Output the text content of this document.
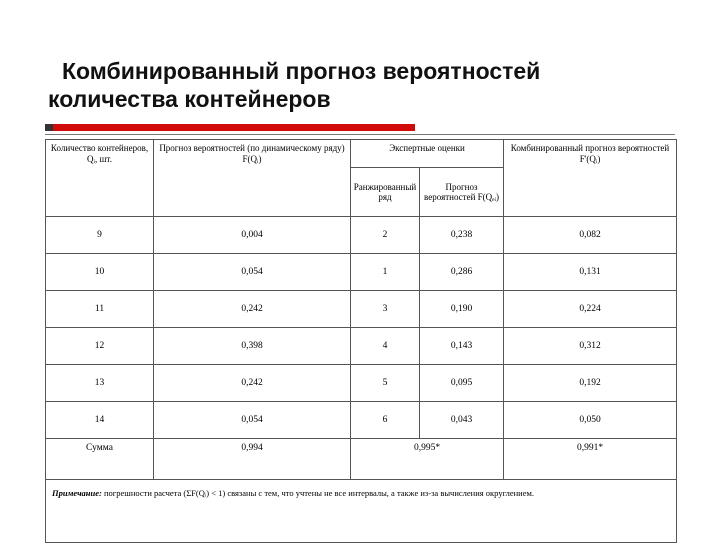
Комбинированный прогноз вероятностей
количества контейнеров
Количество контейнеров, Qᵢ, шт.	Прогноз вероятностей (по динамическому ряду) F(Qᵢ)	Экспертные оценки		Комбинированный прогноз вероятностей F'(Qᵢ)
		Ранжированный ряд	Прогноз вероятностей F(Qₑᵢ)	
9	0,004	2	0,238	0,082
10	0,054	1	0,286	0,131
11	0,242	3	0,190	0,224
12	0,398	4	0,143	0,312
13	0,242	5	0,095	0,192
14	0,054	6	0,043	0,050
Сумма	0,994	0,995*		0,991*
Примечание: погрешности расчета (ΣF(Qᵢ) < 1) связаны с тем, что учтены не все интервалы, а также из-за вычисления округлением.				
